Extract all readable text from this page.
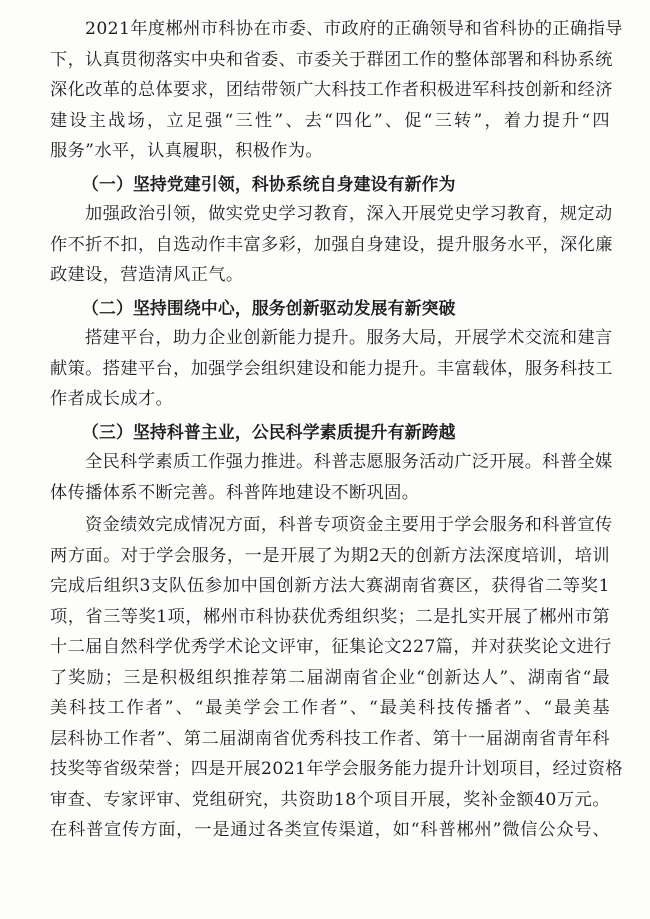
2021年度郴州市科协在市委、市政府的正确领导和省科协的正确指导
下，认真贯彻落实中央和省委、市委关于群团工作的整体部署和科协系统
深化改革的总体要求，团结带领广大科技工作者积极进军科技创新和经济
建设主战场，立足强“三性”、去“四化”、促“三转”，着力提升“四
服务”水平，认真履职，积极作为。
（一）坚持党建引领，科协系统自身建设有新作为
加强政治引领，做实党史学习教育，深入开展党史学习教育，规定动
作不折不扣，自选动作丰富多彩，加强自身建设，提升服务水平，深化廉
政建设，营造清风正气。
（二）坚持围绕中心，服务创新驱动发展有新突破
搭建平台，助力企业创新能力提升。服务大局，开展学术交流和建言
献策。搭建平台，加强学会组织建设和能力提升。丰富载体，服务科技工
作者成长成才。
（三）坚持科普主业，公民科学素质提升有新跨越
全民科学素质工作强力推进。科普志愿服务活动广泛开展。科普全媒
体传播体系不断完善。科普阵地建设不断巩固。
资金绩效完成情况方面，科普专项资金主要用于学会服务和科普宣传
两方面。对于学会服务，一是开展了为期2天的创新方法深度培训，培训
完成后组织3支队伍参加中国创新方法大赛湖南省赛区，获得省二等奖1
项，省三等奖1项，郴州市科协获优秀组织奖；二是扎实开展了郴州市第
十二届自然科学优秀学术论文评审，征集论文227篇，并对获奖论文进行
了奖励；三是积极组织推荐第二届湖南省企业“创新达人”、湖南省“最
美科技工作者”、“最美学会工作者”、“最美科技传播者”、“最美基
层科协工作者”、第二届湖南省优秀科技工作者、第十一届湖南省青年科
技奖等省级荣誉；四是开展2021年学会服务能力提升计划项目，经过资格
审查、专家评审、党组研究，共资助18个项目开展，奖补金额40万元。
在科普宣传方面，一是通过各类宣传渠道，如“科普郴州”微信公众号、
